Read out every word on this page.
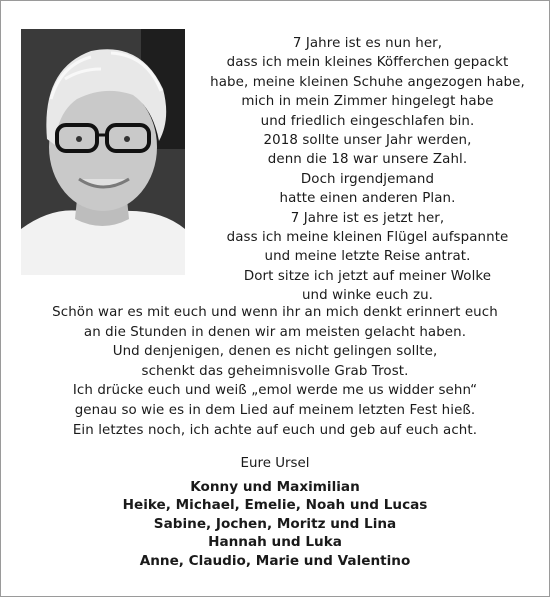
7 Jahre ist es nun her,
dass ich mein kleines Köfferchen gepackt
habe, meine kleinen Schuhe angezogen habe,
mich in mein Zimmer hingelegt habe
und friedlich eingeschlafen bin.
2018 sollte unser Jahr werden,
denn die 18 war unsere Zahl.
Doch irgendjemand
hatte einen anderen Plan.
7 Jahre ist es jetzt her,
dass ich meine kleinen Flügel aufspannte
und meine letzte Reise antrat.
Dort sitze ich jetzt auf meiner Wolke
und winke euch zu.
Schön war es mit euch und wenn ihr an mich denkt erinnert euch
an die Stunden in denen wir am meisten gelacht haben.
Und denjenigen, denen es nicht gelingen sollte,
schenkt das geheimnisvolle Grab Trost.
Ich drücke euch und weiß „emol werde me us widder sehn“
genau so wie es in dem Lied auf meinem letzten Fest hieß.
Ein letztes noch, ich achte auf euch und geb auf euch acht.
Eure Ursel
Konny und Maximilian
Heike, Michael, Emelie, Noah und Lucas
Sabine, Jochen, Moritz und Lina
Hannah und Luka
Anne, Claudio, Marie und Valentino
